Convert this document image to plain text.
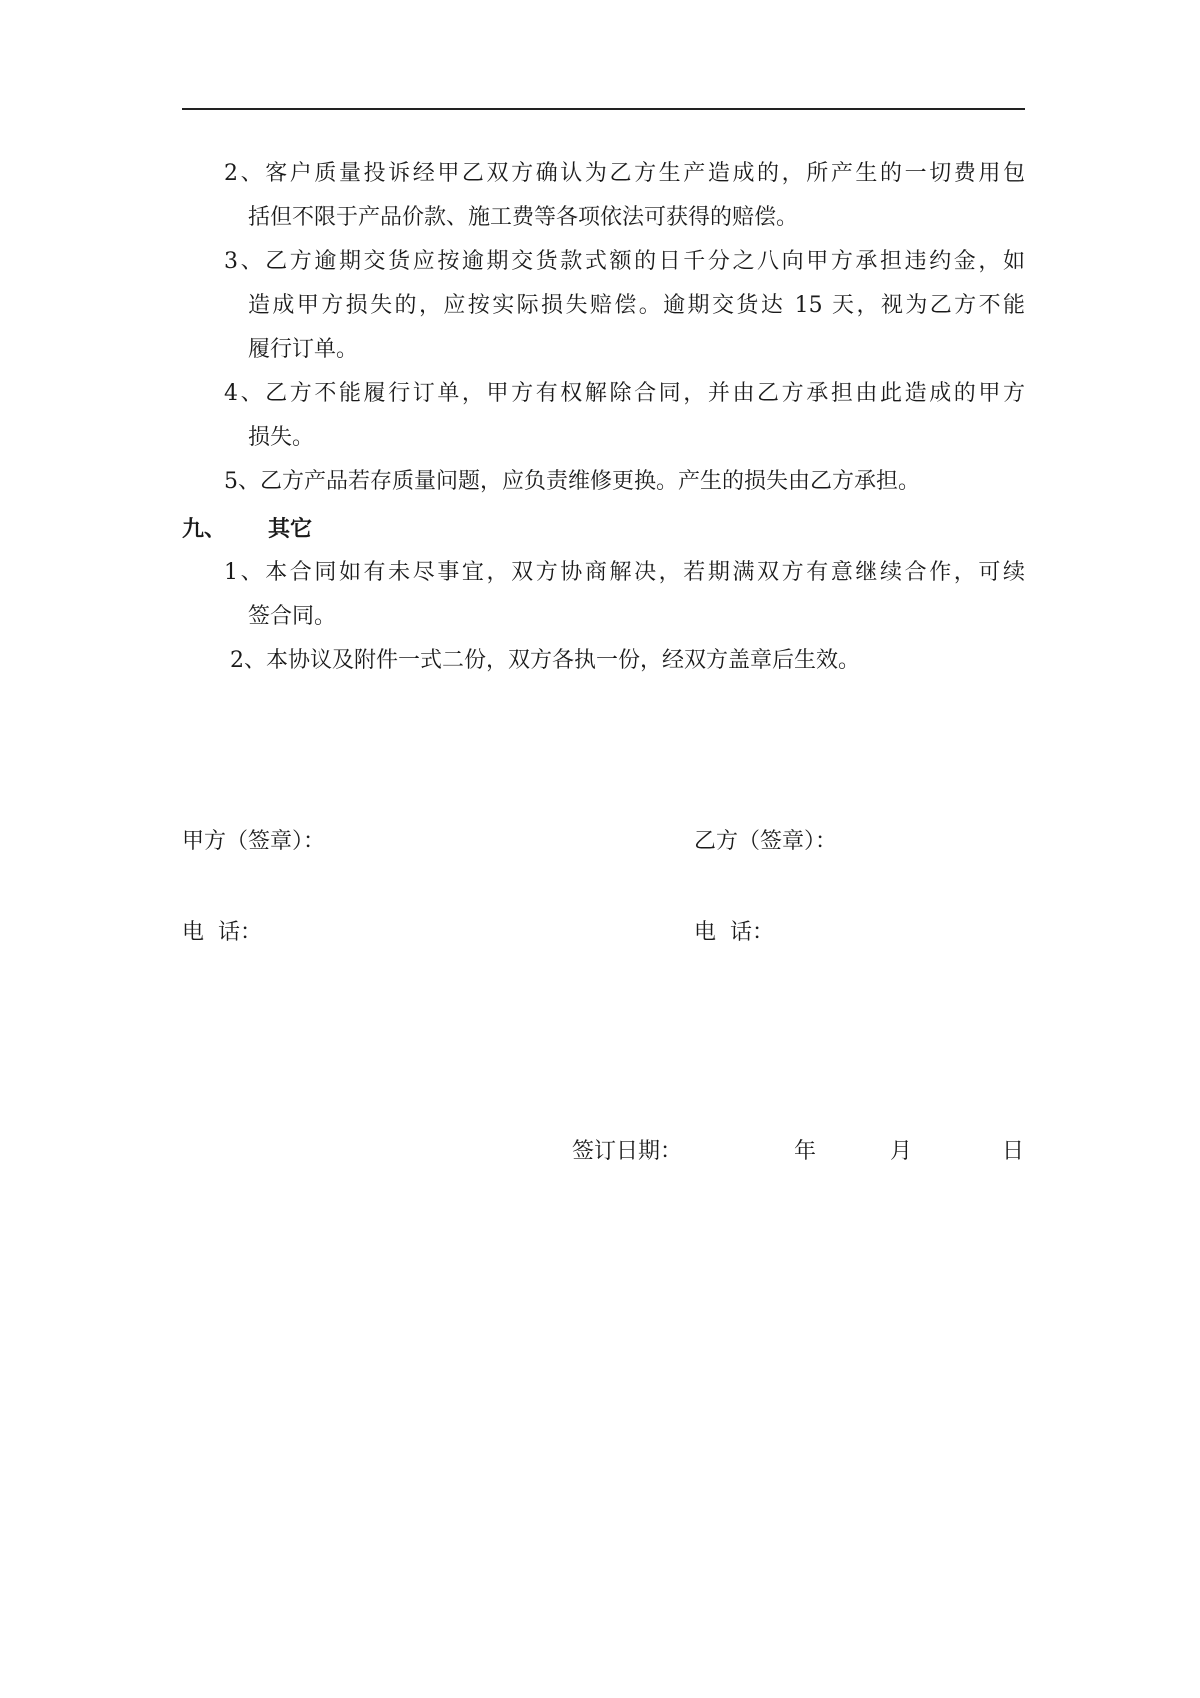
2、客户质量投诉经甲乙双方确认为乙方生产造成的，所产生的一切费用包
括但不限于产品价款、施工费等各项依法可获得的赔偿。
3、乙方逾期交货应按逾期交货款式额的日千分之八向甲方承担违约金，如
造成甲方损失的，应按实际损失赔偿。逾期交货达 15 天，视为乙方不能
履行订单。
4、乙方不能履行订单，甲方有权解除合同，并由乙方承担由此造成的甲方
损失。
5、乙方产品若存质量问题，应负责维修更换。产生的损失由乙方承担。
九、 其它
1、本合同如有未尽事宜，双方协商解决，若期满双方有意继续合作，可续
签合同。
2、本协议及附件一式二份，双方各执一份，经双方盖章后生效。
甲方（签章）：	乙方（签章）：
电  话：	电  话：
签订日期：	年	月	日
